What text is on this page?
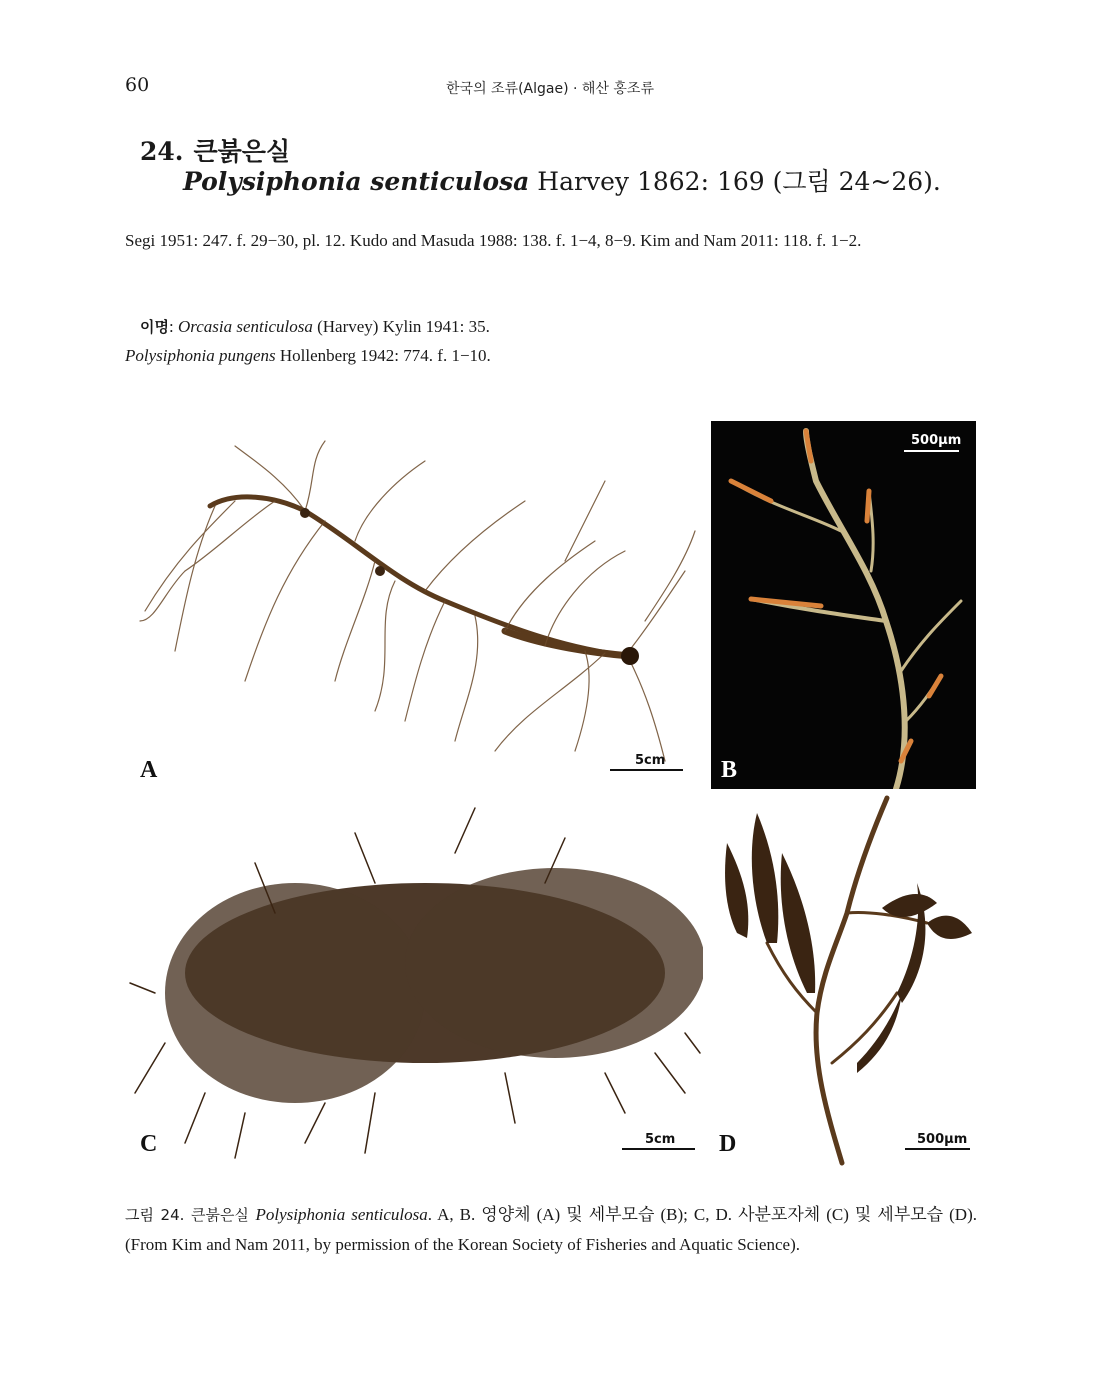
60	한국의 조류(Algae) · 해산 홍조류
24. 큰붉은실
Polysiphonia senticulosa Harvey 1862: 169 (그림 24~26).
Segi 1951: 247. f. 29−30, pl. 12. Kudo and Masuda 1988: 138. f. 1−4, 8−9. Kim and Nam 2011: 118. f. 1−2.
이명: Orcasia senticulosa (Harvey) Kylin 1941: 35.
Polysiphonia pungens Hollenberg 1942: 774. f. 1−10.
A	5cm
500μm
B
C	5cm D	500μm
그림 24. 큰붉은실 Polysiphonia senticulosa. A, B. 영양체 (A) 및 세부모습 (B); C, D. 사분포자체 (C) 및 세부모습 (D). (From Kim and Nam 2011, by permission of the Korean Society of Fisheries and Aquatic Science).
